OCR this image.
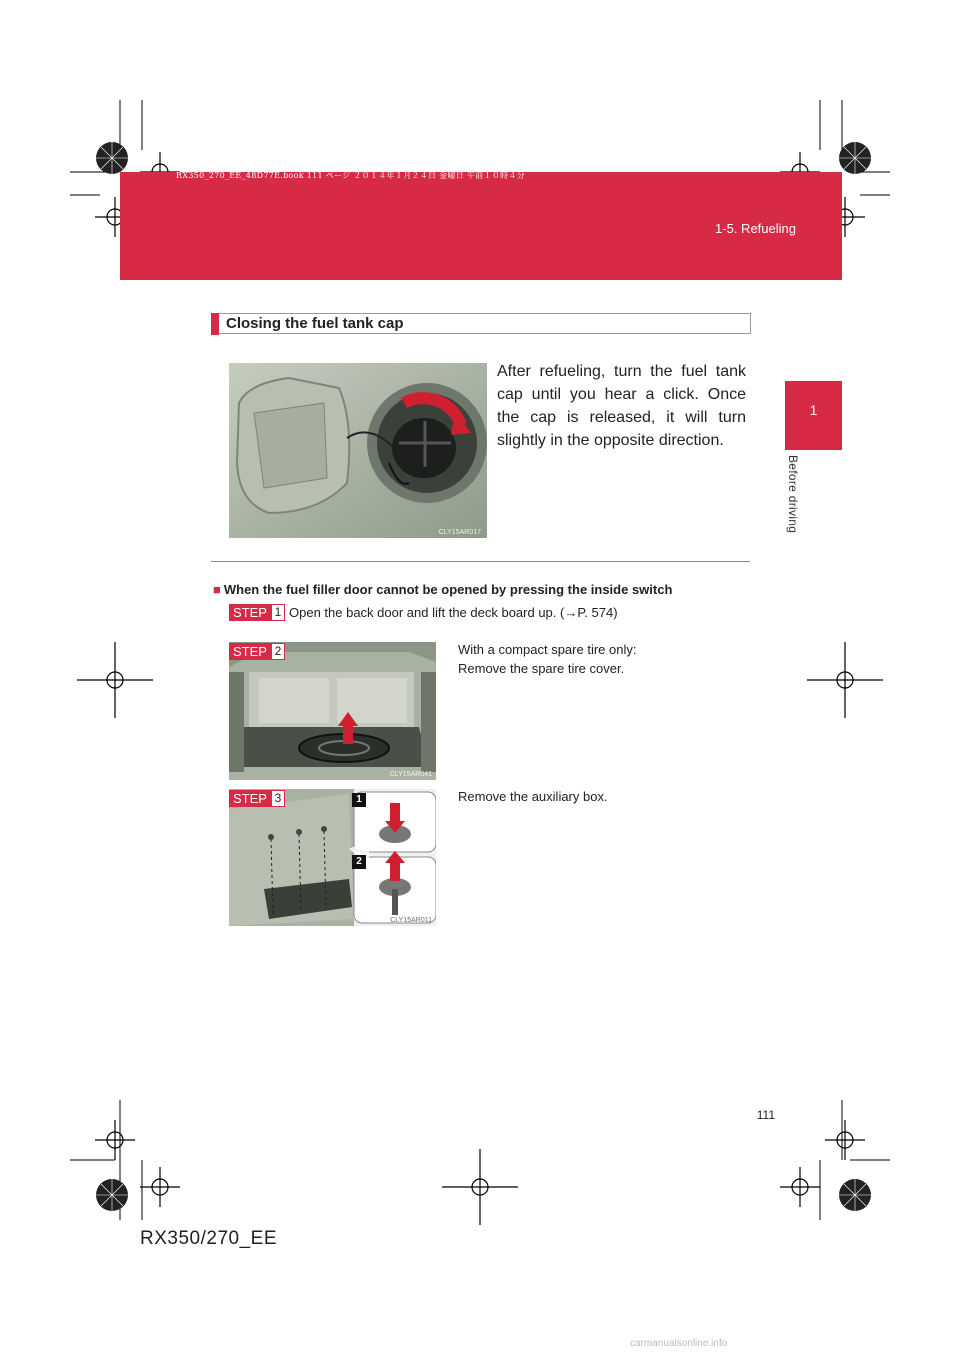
RX350_270_EE_48D77E.book 111 ページ ２０１４年１月２４日 金曜日 午前１０時４分
1-5. Refueling
1
Before driving
Closing the fuel tank cap
CLY15AR017
After refueling, turn the fuel tank cap until you hear a click. Once the cap is released, it will turn slightly in the opposite direction.
■ When the fuel filler door cannot be opened by pressing the inside switch
STEP 1 Open the back door and lift the deck board up. (→P. 574)
CLY15AR041
STEP 2	With a compact spare tire only:
Remove the spare tire cover.
1
2
CLY15AR011
STEP 3	Remove the auxiliary box.
111
RX350/270_EE
carmanualsonline.info
